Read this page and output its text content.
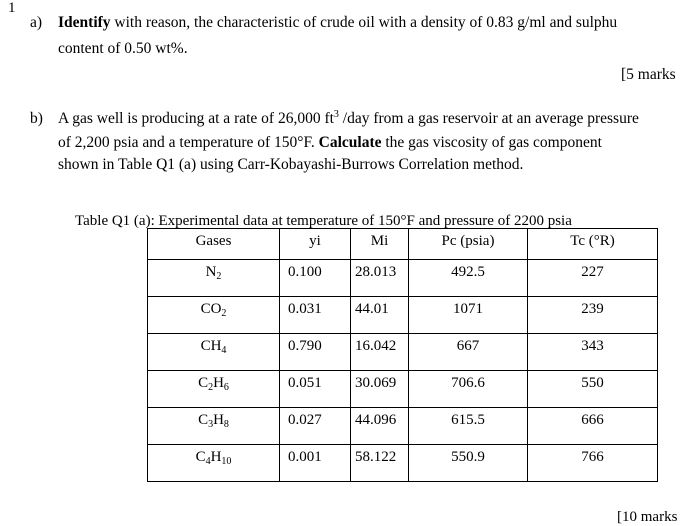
1
a) Identify with reason, the characteristic of crude oil with a density of 0.83 g/ml and sulphu
content of 0.50 wt%.
[5 marks
b) A gas well is producing at a rate of 26,000 $ft^3$ /day from a gas reservoir at an average pressure
of 2,200 psia and a temperature of 150°F. Calculate the gas viscosity of gas component
shown in Table Q1 (a) using Carr-Kobayashi-Burrows Correlation method.
Table Q1 (a): Experimental data at temperature of 150°F and pressure of 2200 psia
Gases	yi	Mi	Pc (psia)	Tc (°R)
$N_2$	0.100	28.013	492.5	227
$CO_2$	0.031	44.01	1071	239
$CH_4$	0.790	16.042	667	343
$C_2H_6$	0.051	30.069	706.6	550
$C_3H_8$	0.027	44.096	615.5	666
$C_4H_{10}$	0.001	58.122	550.9	766
[10 marks
